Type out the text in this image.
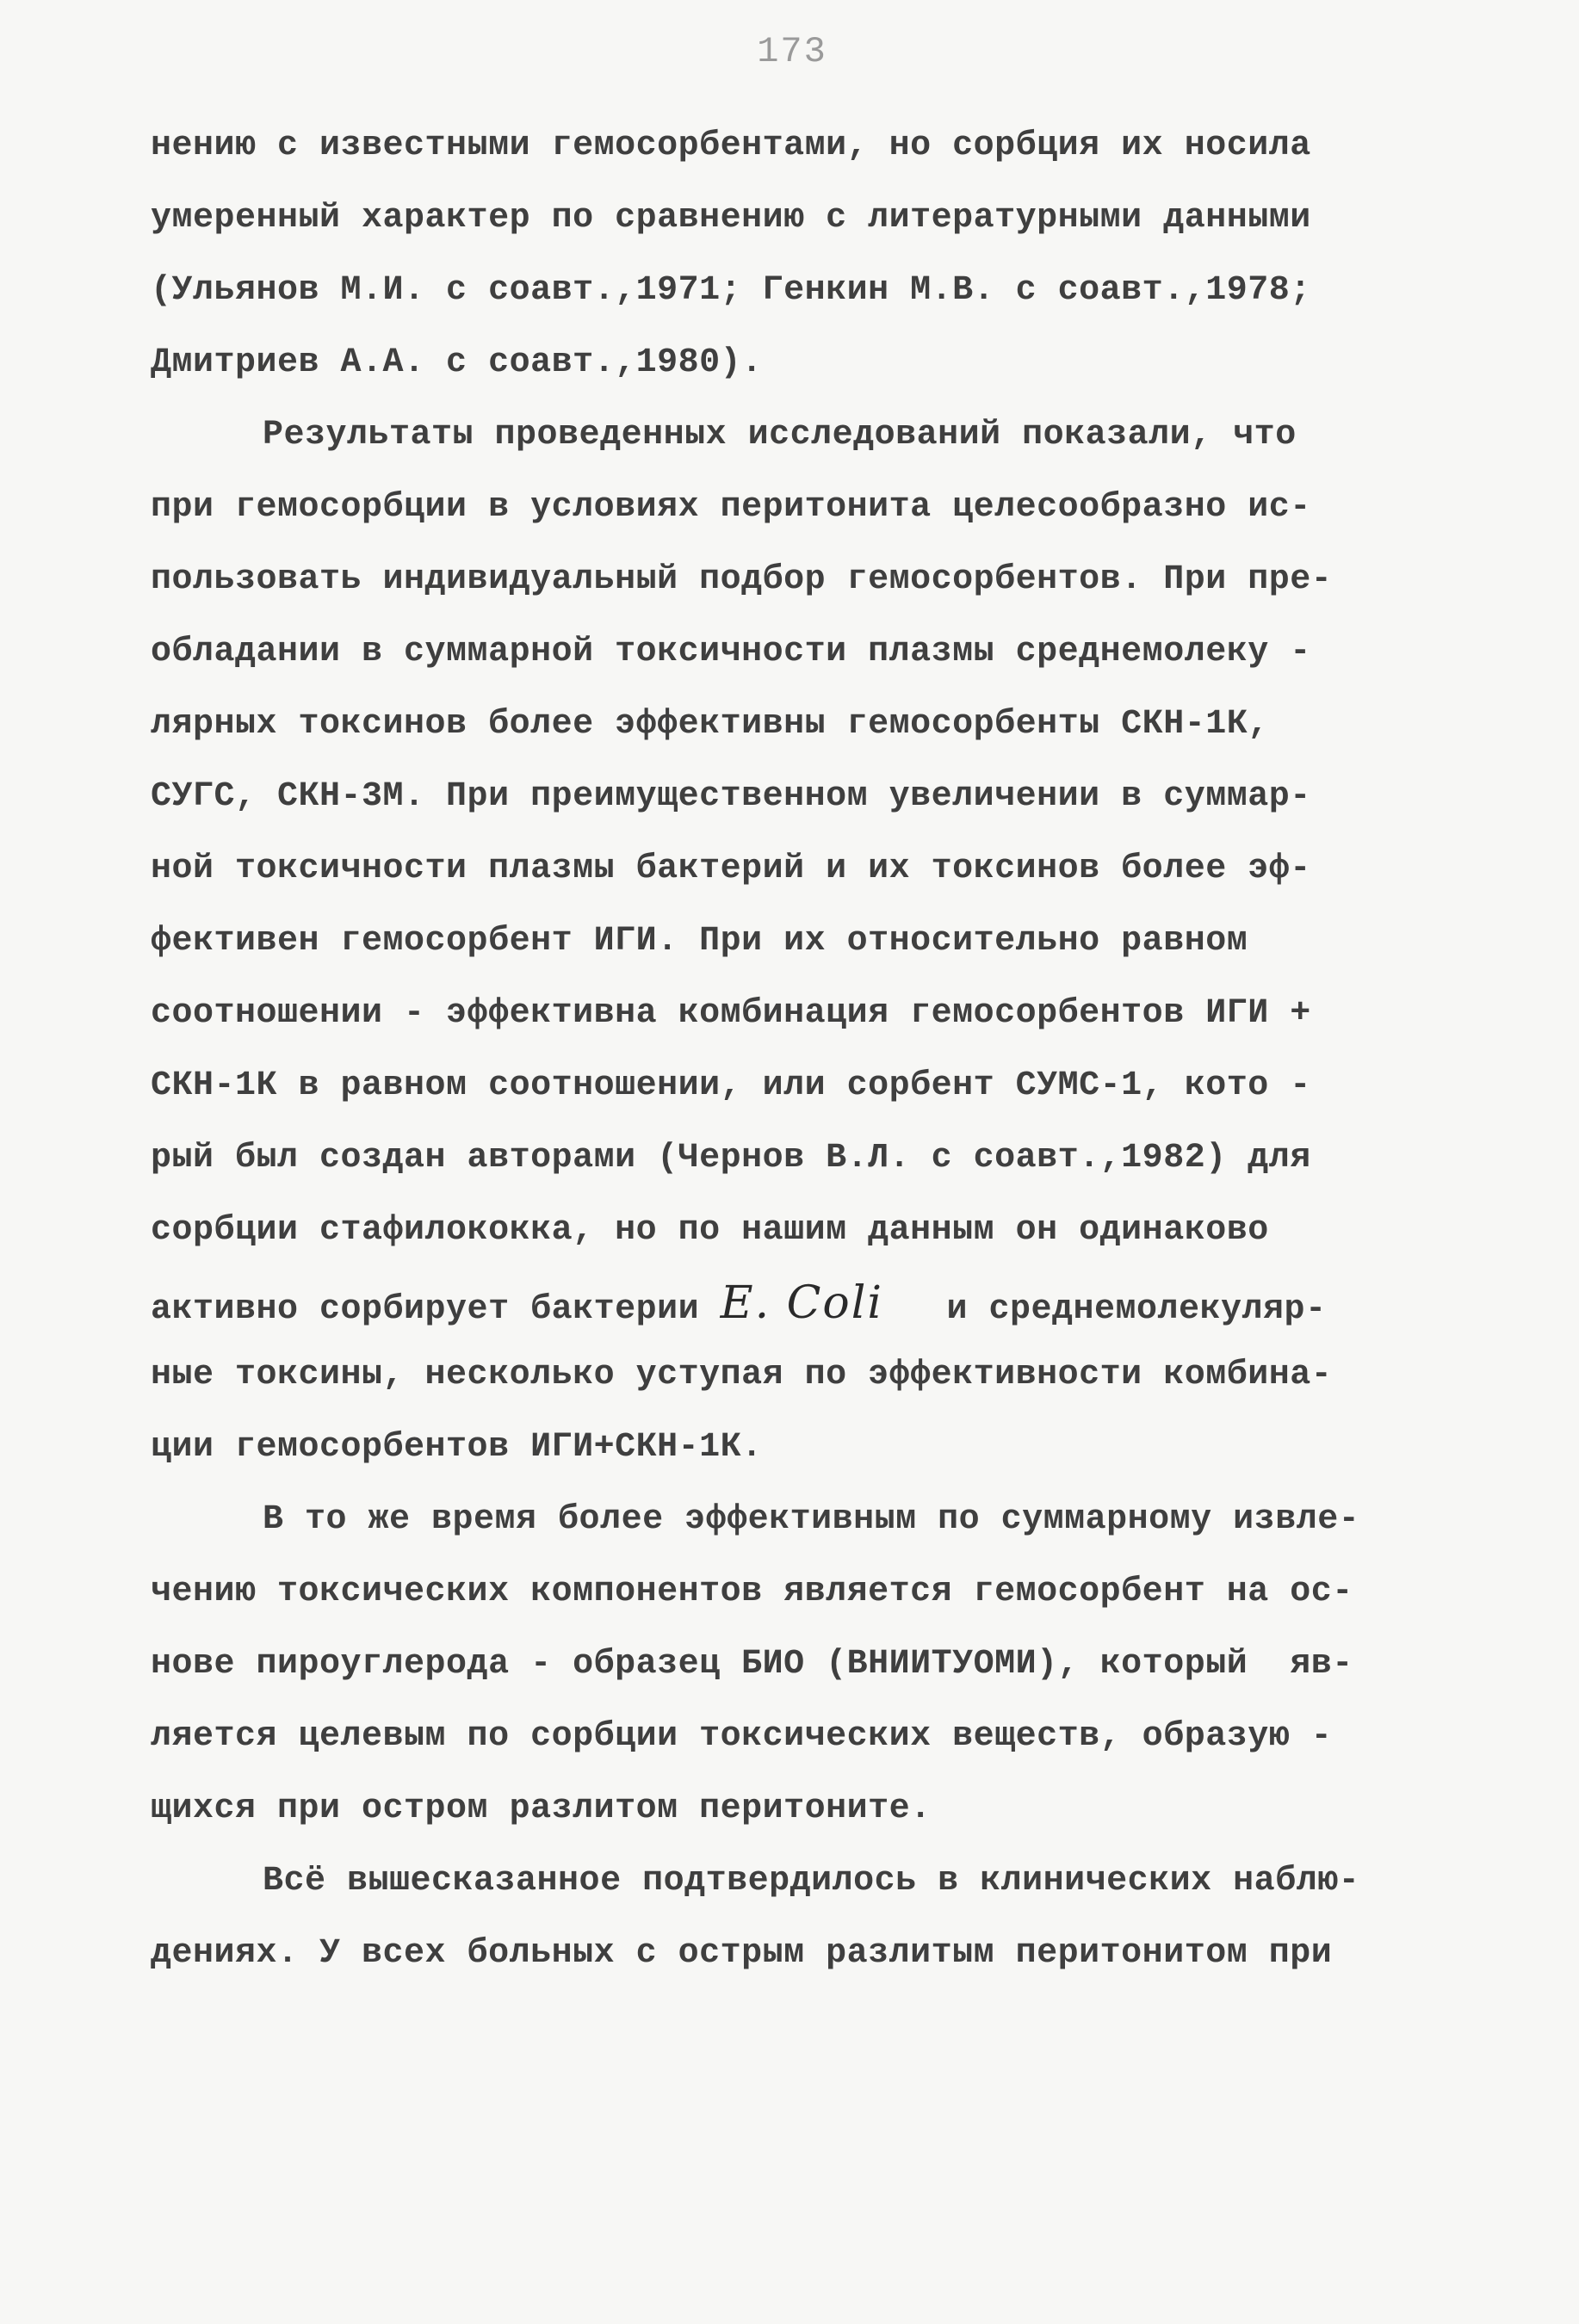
173
нению с известными гемосорбентами, но сорбция их носила
умеренный характер по сравнению с литературными данными
(Ульянов М.И. с соавт.,1971; Генкин М.В. с соавт.,1978;
Дмитриев А.А. с соавт.,1980).
Результаты проведенных исследований показали, что
при гемосорбции в условиях перитонита целесообразно ис-
пользовать индивидуальный подбор гемосорбентов. При пре-
обладании в суммарной токсичности плазмы среднемолеку -
лярных токсинов более эффективны гемосорбенты СКН-1К,
СУГС, СКН-3М. При преимущественном увеличении в суммар-
ной токсичности плазмы бактерий и их токсинов более эф-
фективен гемосорбент ИГИ. При их относительно равном
соотношении - эффективна комбинация гемосорбентов ИГИ +
СКН-1К в равном соотношении, или сорбент СУМС-1, кото -
рый был создан авторами (Чернов В.Л. с соавт.,1982) для
сорбции стафилококка, но по нашим данным он одинаково
активно сорбирует бактерии E. Coli   и среднемолекуляр-
ные токсины, несколько уступая по эффективности комбина-
ции гемосорбентов ИГИ+СКН-1К.
В то же время более эффективным по суммарному извле-
чению токсических компонентов является гемосорбент на ос-
нове пироуглерода - образец БИО (ВНИИТУОМИ), который  яв-
ляется целевым по сорбции токсических веществ, образую -
щихся при остром разлитом перитоните.
Всё вышесказанное подтвердилось в клинических наблю-
дениях. У всех больных с острым разлитым перитонитом при
